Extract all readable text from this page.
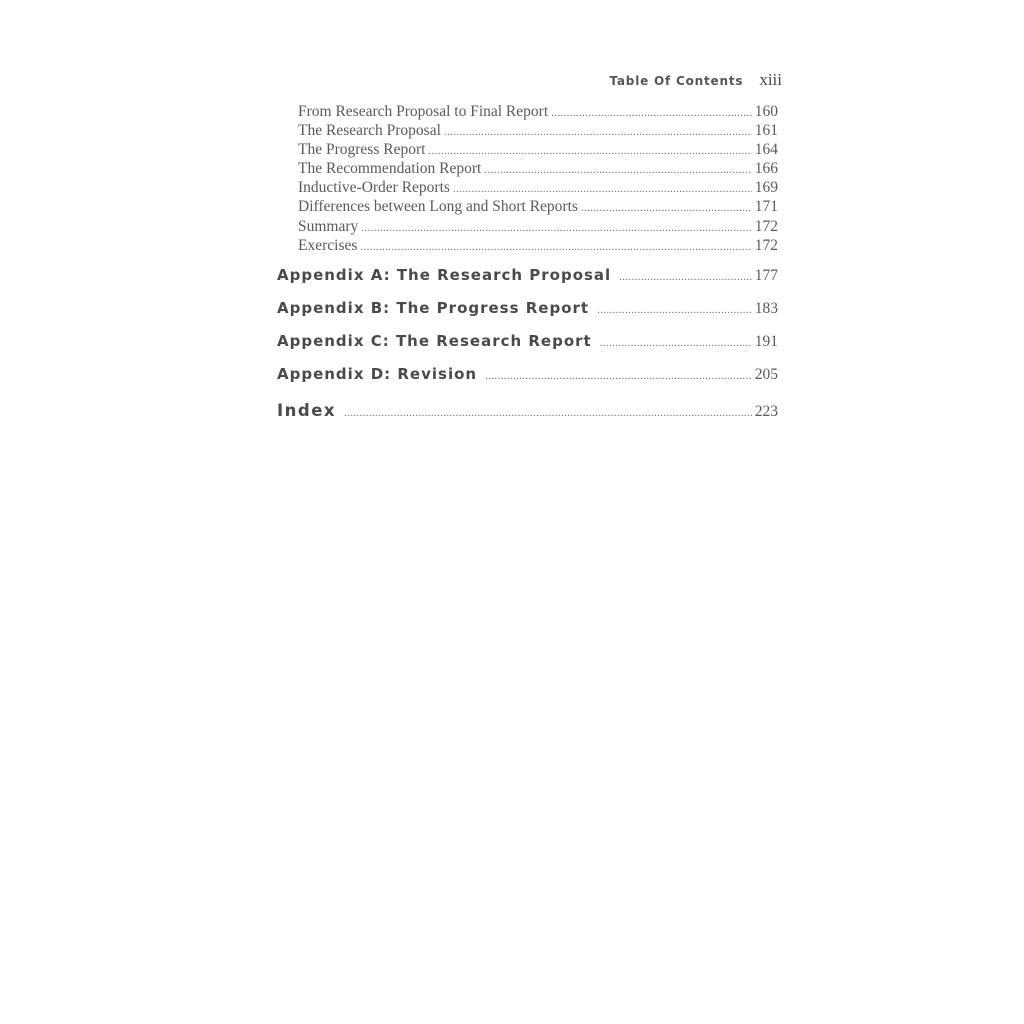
Table Of Contents xiii
From Research Proposal to Final Report . . .	160
The Research Proposal . . .	161
The Progress Report . . .	164
The Recommendation Report . . .	166
Inductive-Order Reports . . .	169
Differences between Long and Short Reports . . .	171
Summary . . .	172
Exercises . . .	172
Appendix A: The Research Proposal . . .	177
Appendix B: The Progress Report . . .	183
Appendix C: The Research Report . . .	191
Appendix D: Revision . . .	205
Index . . .	223
